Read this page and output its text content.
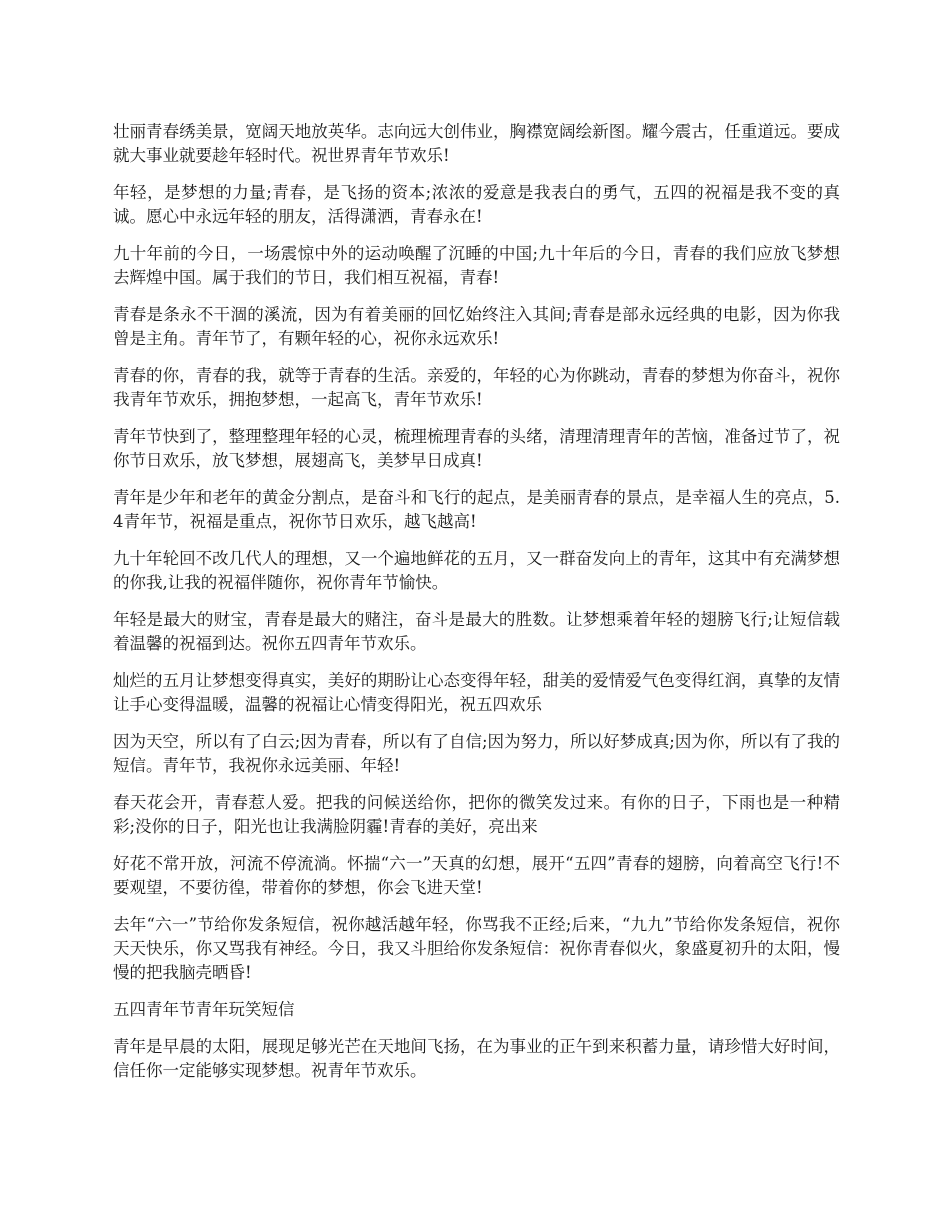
壮丽青春绣美景，宽阔天地放英华。志向远大创伟业，胸襟宽阔绘新图。耀今震古，任重道远。要成就大事业就要趁年轻时代。祝世界青年节欢乐!

年轻，是梦想的力量;青春，是飞扬的资本;浓浓的爱意是我表白的勇气，五四的祝福是我不变的真诚。愿心中永远年轻的朋友，活得潇洒，青春永在!

九十年前的今日，一场震惊中外的运动唤醒了沉睡的中国;九十年后的今日，青春的我们应放飞梦想去辉煌中国。属于我们的节日，我们相互祝福，青春!

青春是条永不干涸的溪流，因为有着美丽的回忆始终注入其间;青春是部永远经典的电影，因为你我曾是主角。青年节了，有颗年轻的心，祝你永远欢乐!

青春的你，青春的我，就等于青春的生活。亲爱的，年轻的心为你跳动，青春的梦想为你奋斗，祝你我青年节欢乐，拥抱梦想，一起高飞，青年节欢乐!

青年节快到了，整理整理年轻的心灵，梳理梳理青春的头绪，清理清理青年的苦恼，准备过节了，祝你节日欢乐，放飞梦想，展翅高飞，美梦早日成真!

青年是少年和老年的黄金分割点，是奋斗和飞行的起点，是美丽青春的景点，是幸福人生的亮点，5.4青年节，祝福是重点，祝你节日欢乐，越飞越高!

九十年轮回不改几代人的理想，又一个遍地鲜花的五月，又一群奋发向上的青年，这其中有充满梦想的你我,让我的祝福伴随你，祝你青年节愉快。

年轻是最大的财宝，青春是最大的赌注，奋斗是最大的胜数。让梦想乘着年轻的翅膀飞行;让短信载着温馨的祝福到达。祝你五四青年节欢乐。

灿烂的五月让梦想变得真实，美好的期盼让心态变得年轻，甜美的爱情爱气色变得红润，真挚的友情让手心变得温暖，温馨的祝福让心情变得阳光，祝五四欢乐

因为天空，所以有了白云;因为青春，所以有了自信;因为努力，所以好梦成真;因为你，所以有了我的短信。青年节，我祝你永远美丽、年轻!

春天花会开，青春惹人爱。把我的问候送给你，把你的微笑发过来。有你的日子，下雨也是一种精彩;没你的日子，阳光也让我满脸阴霾!青春的美好，亮出来

好花不常开放，河流不停流淌。怀揣“六一”天真的幻想，展开“五四”青春的翅膀，向着高空飞行!不要观望，不要彷徨，带着你的梦想，你会飞进天堂!

去年“六一”节给你发条短信，祝你越活越年轻，你骂我不正经;后来，“九九”节给你发条短信，祝你天天快乐，你又骂我有神经。今日，我又斗胆给你发条短信：祝你青春似火，象盛夏初升的太阳，慢慢的把我脑壳晒昏!

五四青年节青年玩笑短信

青年是早晨的太阳，展现足够光芒在天地间飞扬，在为事业的正午到来积蓄力量，请珍惜大好时间，信任你一定能够实现梦想。祝青年节欢乐。
